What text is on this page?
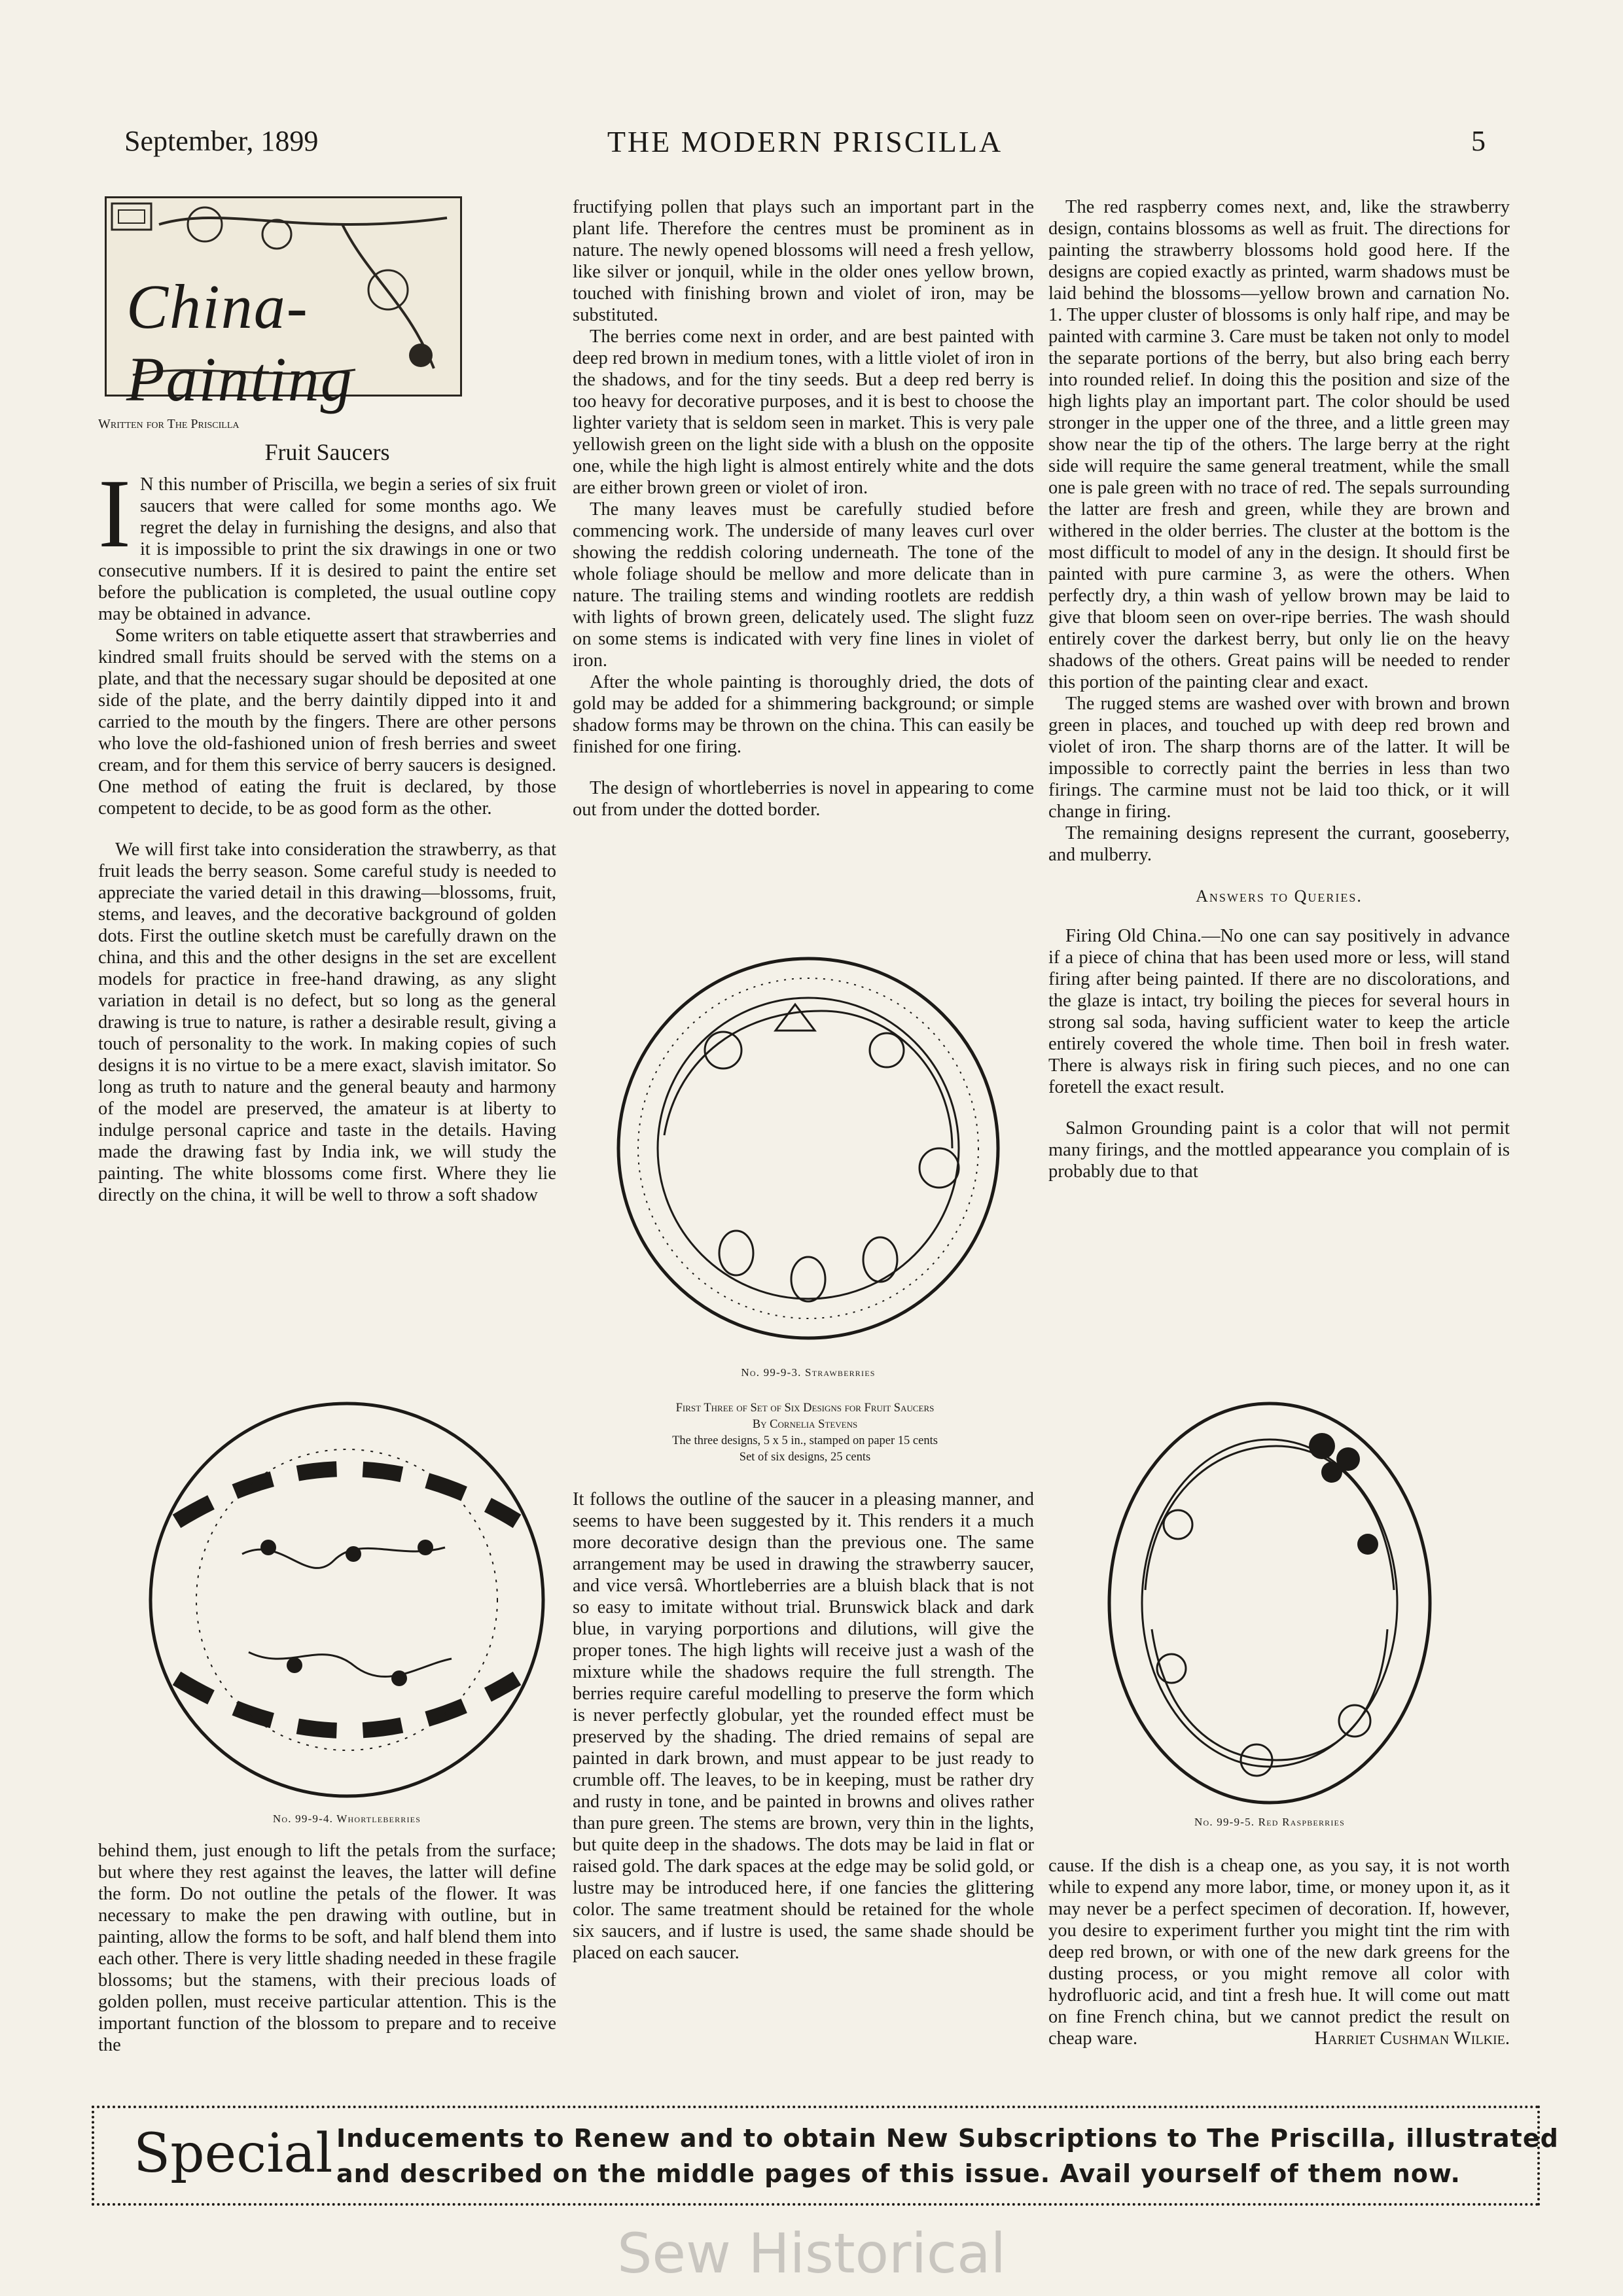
THE MODERN PRISCILLA
September, 1899	5
China-Painting
Written for The Priscilla
Fruit Saucers

I N this number of Priscilla, we begin a series of six fruit saucers that were called for some months ago. We regret the delay in furnishing the designs, and also that it is impossible to print the six drawings in one or two consecutive numbers. If it is desired to paint the entire set before the publication is completed, the usual outline copy may be obtained in advance.

Some writers on table etiquette assert that strawberries and kindred small fruits should be served with the stems on a plate, and that the necessary sugar should be deposited at one side of the plate, and the berry daintily dipped into it and carried to the mouth by the fingers. There are other persons who love the old-fashioned union of fresh berries and sweet cream, and for them this service of berry saucers is designed. One method of eating the fruit is declared, by those competent to decide, to be as good form as the other.

We will first take into consideration the strawberry, as that fruit leads the berry season. Some careful study is needed to appreciate the varied detail in this drawing—blossoms, fruit, stems, and leaves, and the decorative background of golden dots. First the outline sketch must be carefully drawn on the china, and this and the other designs in the set are excellent models for practice in free-hand drawing, as any slight variation in detail is no defect, but so long as the general drawing is true to nature, is rather a desirable result, giving a touch of personality to the work. In making copies of such designs it is no virtue to be a mere exact, slavish imitator. So long as truth to nature and the general beauty and harmony of the model are preserved, the amateur is at liberty to indulge personal caprice and taste in the details. Having made the drawing fast by India ink, we will study the painting. The white blossoms come first. Where they lie directly on the china, it will be well to throw a soft shadow

No. 99-9-4. Whortleberries

behind them, just enough to lift the petals from the surface; but where they rest against the leaves, the latter will define the form. Do not outline the petals of the flower. It was necessary to make the pen drawing with outline, but in painting, allow the forms to be soft, and half blend them into each other. There is very little shading needed in these fragile blossoms; but the stamens, with their precious loads of golden pollen, must receive particular attention. This is the important function of the blossom to prepare and to receive the

fructifying pollen that plays such an important part in the plant life. Therefore the centres must be prominent as in nature. The newly opened blossoms will need a fresh yellow, like silver or jonquil, while in the older ones yellow brown, touched with finishing brown and violet of iron, may be substituted.

The berries come next in order, and are best painted with deep red brown in medium tones, with a little violet of iron in the shadows, and for the tiny seeds. But a deep red berry is too heavy for decorative purposes, and it is best to choose the lighter variety that is seldom seen in market. This is very pale yellowish green on the light side with a blush on the opposite one, while the high light is almost entirely white and the dots are either brown green or violet of iron.

The many leaves must be carefully studied before commencing work. The underside of many leaves curl over showing the reddish coloring underneath. The tone of the whole foliage should be mellow and more delicate than in nature. The trailing stems and winding rootlets are reddish with lights of brown green, delicately used. The slight fuzz on some stems is indicated with very fine lines in violet of iron.

After the whole painting is thoroughly dried, the dots of gold may be added for a shimmering background; or simple shadow forms may be thrown on the china. This can easily be finished for one firing.

The design of whortleberries is novel in appearing to come out from under the dotted border.

No. 99-9-3. Strawberries
First Three of Set of Six Designs for Fruit Saucers
By Cornelia Stevens
The three designs, 5 x 5 in., stamped on paper 15 cents
Set of six designs, 25 cents

It follows the outline of the saucer in a pleasing manner, and seems to have been suggested by it. This renders it a much more decorative design than the previous one. The same arrangement may be used in drawing the strawberry saucer, and vice versâ. Whortleberries are a bluish black that is not so easy to imitate without trial. Brunswick black and dark blue, in varying porportions and dilutions, will give the proper tones. The high lights will receive just a wash of the mixture while the shadows require the full strength. The berries require careful modelling to preserve the form which is never perfectly globular, yet the rounded effect must be preserved by the shading. The dried remains of sepal are painted in dark brown, and must appear to be just ready to crumble off. The leaves, to be in keeping, must be rather dry and rusty in tone, and be painted in browns and olives rather than pure green. The stems are brown, very thin in the lights, but quite deep in the shadows. The dots may be laid in flat or raised gold. The dark spaces at the edge may be solid gold, or lustre may be introduced here, if one fancies the glittering color. The same treatment should be retained for the whole six saucers, and if lustre is used, the same shade should be placed on each saucer.

The red raspberry comes next, and, like the strawberry design, contains blossoms as well as fruit. The directions for painting the strawberry blossoms hold good here. If the designs are copied exactly as printed, warm shadows must be laid behind the blossoms—yellow brown and carnation No. 1. The upper cluster of blossoms is only half ripe, and may be painted with carmine 3. Care must be taken not only to model the separate portions of the berry, but also bring each berry into rounded relief. In doing this the position and size of the high lights play an important part. The color should be used stronger in the upper one of the three, and a little green may show near the tip of the others. The large berry at the right side will require the same general treatment, while the small one is pale green with no trace of red. The sepals surrounding the latter are fresh and green, while they are brown and withered in the older berries. The cluster at the bottom is the most difficult to model of any in the design. It should first be painted with pure carmine 3, as were the others. When perfectly dry, a thin wash of yellow brown may be laid to give that bloom seen on over-ripe berries. The wash should entirely cover the darkest berry, but only lie on the heavy shadows of the others. Great pains will be needed to render this portion of the painting clear and exact.

The rugged stems are washed over with brown and brown green in places, and touched up with deep red brown and violet of iron. The sharp thorns are of the latter. It will be impossible to correctly paint the berries in less than two firings. The carmine must not be laid too thick, or it will change in firing.

The remaining designs represent the currant, gooseberry, and mulberry.

Answers to Queries.

Firing Old China.—No one can say positively in advance if a piece of china that has been used more or less, will stand firing after being painted. If there are no discolorations, and the glaze is intact, try boiling the pieces for several hours in strong sal soda, having sufficient water to keep the article entirely covered the whole time. Then boil in fresh water. There is always risk in firing such pieces, and no one can foretell the exact result.

Salmon Grounding paint is a color that will not permit many firings, and the mottled appearance you complain of is probably due to that

No. 99-9-5. Red Raspberries

cause. If the dish is a cheap one, as you say, it is not worth while to expend any more labor, time, or money upon it, as it may never be a perfect specimen of decoration. If, however, you desire to experiment further you might tint the rim with deep red brown, or with one of the new dark greens for the dusting process, or you might remove all color with hydrofluoric acid, and tint a fresh hue. It will come out matt on fine French china, but we cannot predict the result on cheap ware.	Harriet Cushman Wilkie.
Special Inducements to Renew and to obtain New Subscriptions to The Priscilla, illustrated
and described on the middle pages of this issue. Avail yourself of them now.
Sew Historical
